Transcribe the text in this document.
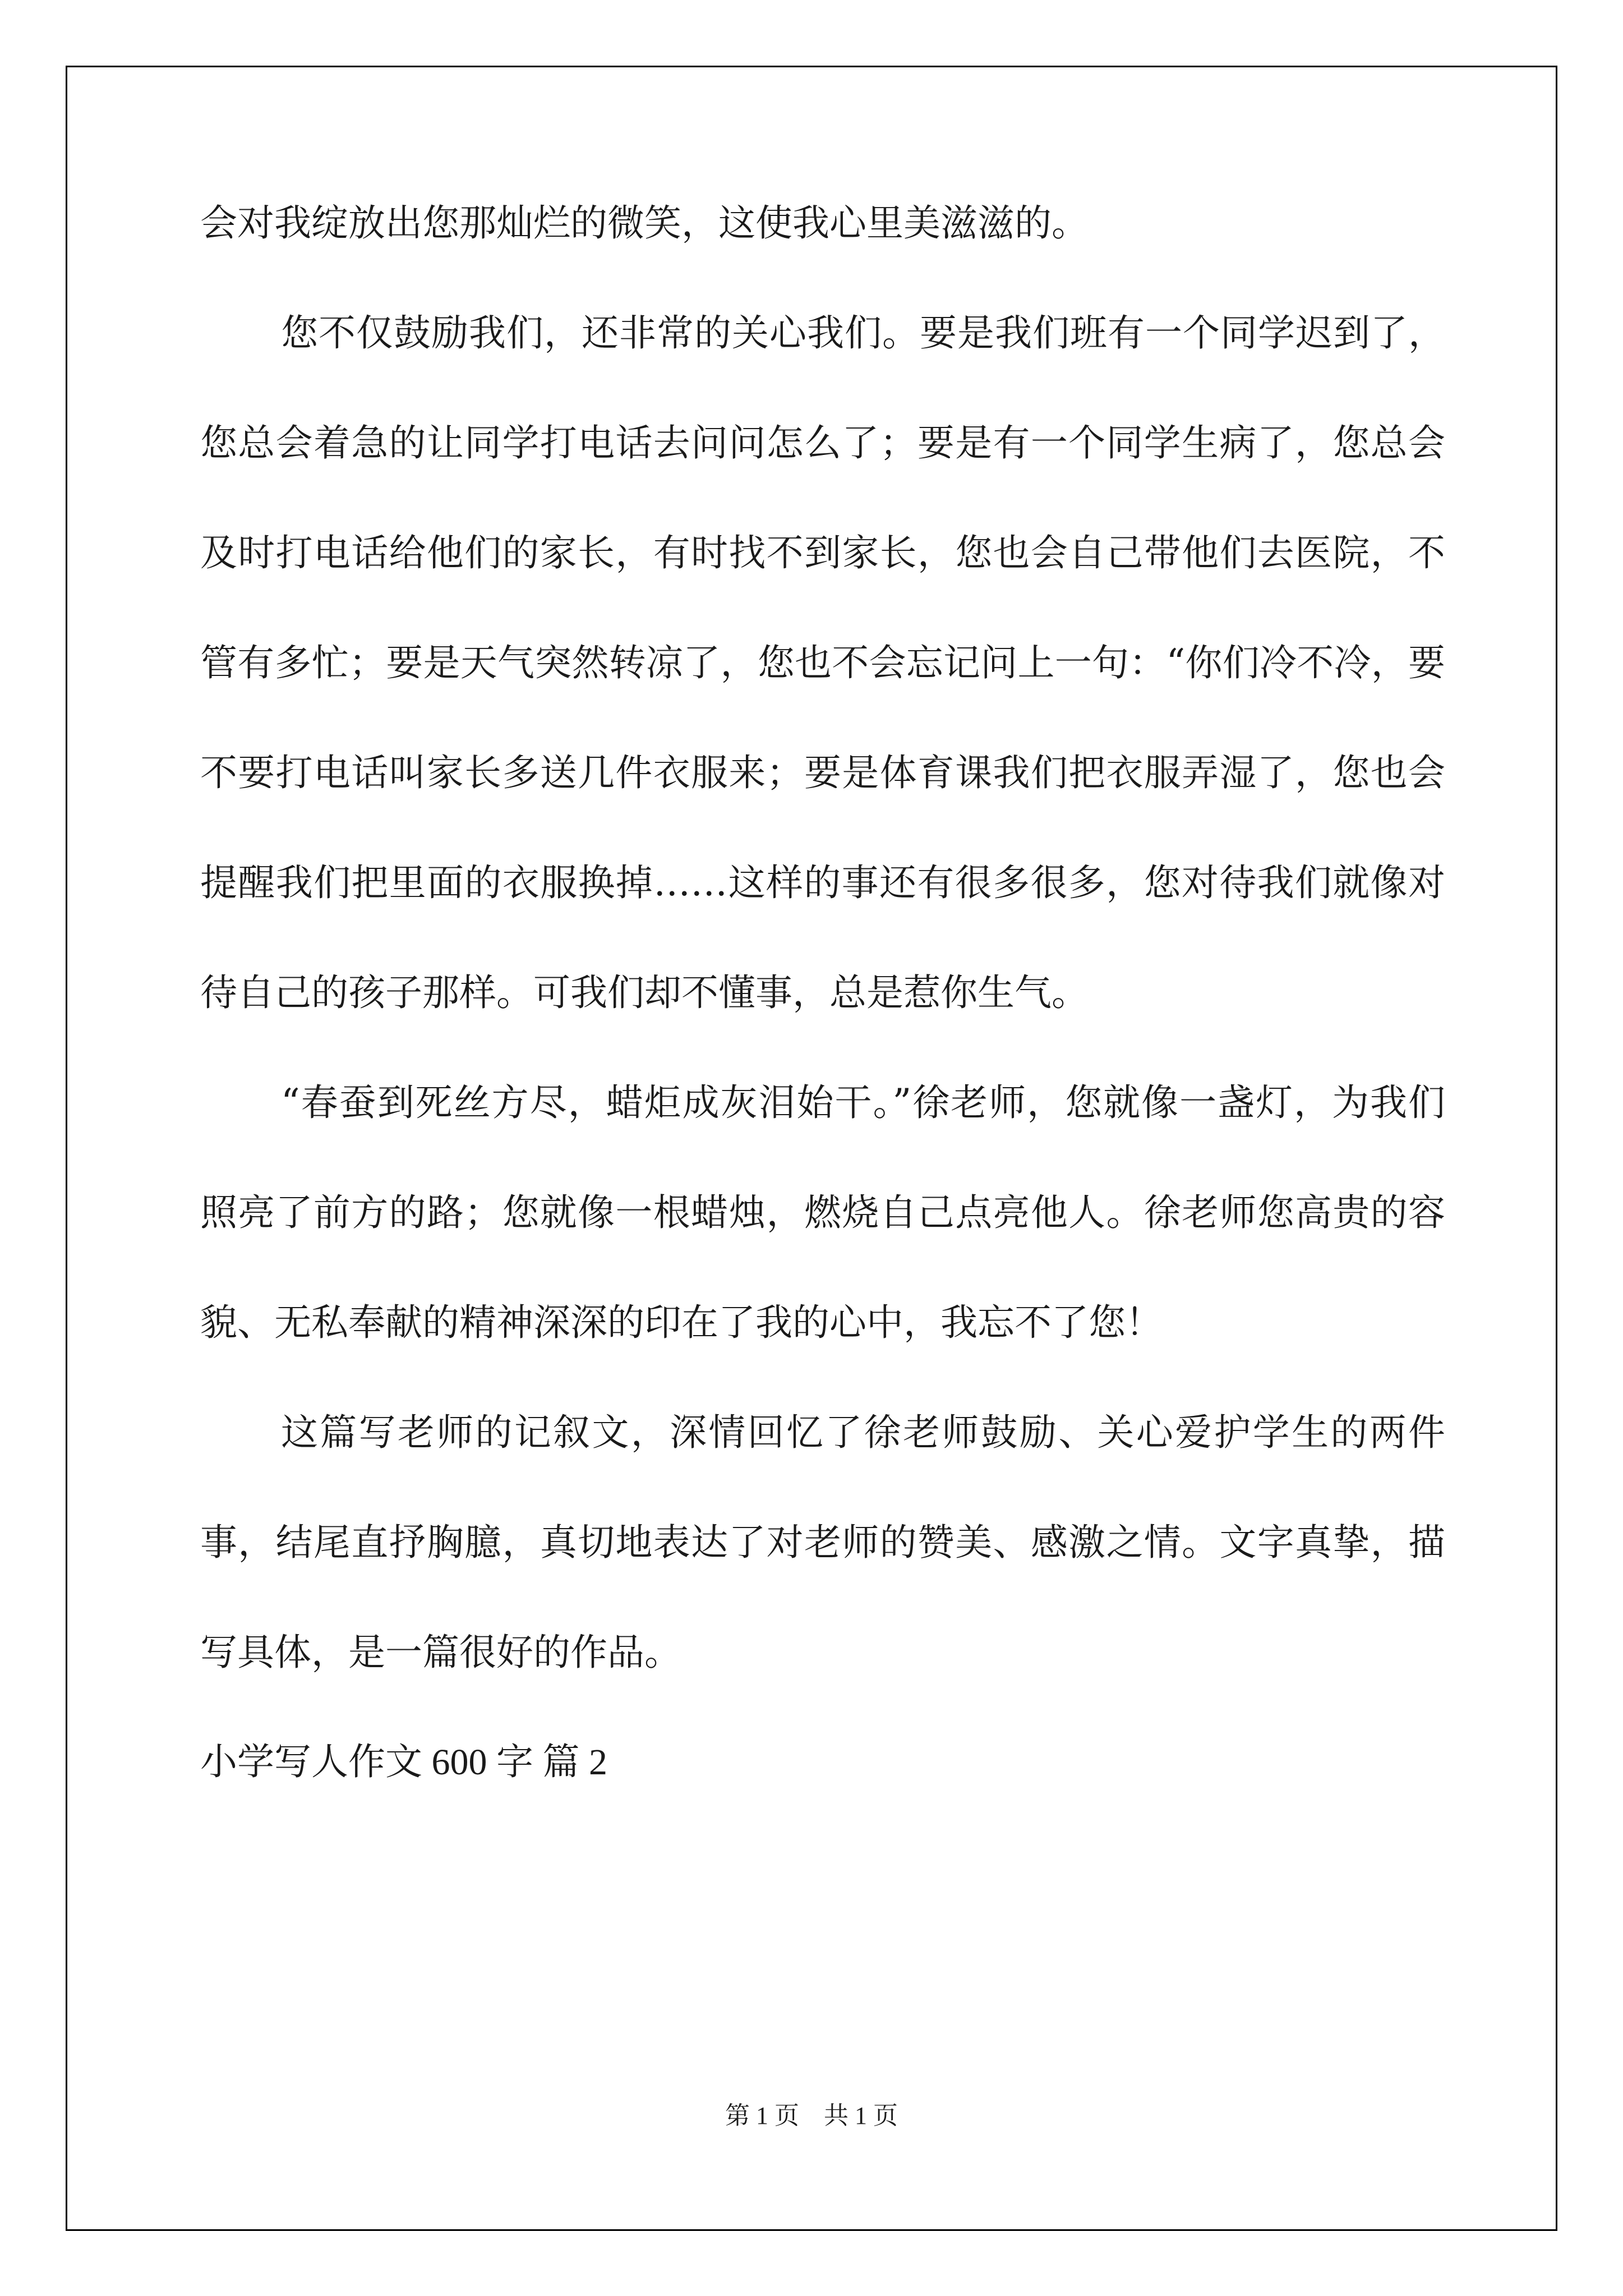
会对我绽放出您那灿烂的微笑，这使我心里美滋滋的。

您不仅鼓励我们，还非常的关心我们。要是我们班有一个同学迟到了，您总会着急的让同学打电话去问问怎么了；要是有一个同学生病了，您总会及时打电话给他们的家长，有时找不到家长，您也会自己带他们去医院，不管有多忙；要是天气突然转凉了，您也不会忘记问上一句：“你们冷不冷，要不要打电话叫家长多送几件衣服来；要是体育课我们把衣服弄湿了，您也会提醒我们把里面的衣服换掉……这样的事还有很多很多，您对待我们就像对待自己的孩子那样。可我们却不懂事，总是惹你生气。

“春蚕到死丝方尽，蜡炬成灰泪始干。”徐老师，您就像一盏灯，为我们照亮了前方的路；您就像一根蜡烛，燃烧自己点亮他人。徐老师您高贵的容貌、无私奉献的精神深深的印在了我的心中，我忘不了您！

这篇写老师的记叙文，深情回忆了徐老师鼓励、关心爱护学生的两件事，结尾直抒胸臆，真切地表达了对老师的赞美、感激之情。文字真挚，描写具体，是一篇很好的作品。

小学写人作文 600 字 篇 2

第 1 页    共 1 页
